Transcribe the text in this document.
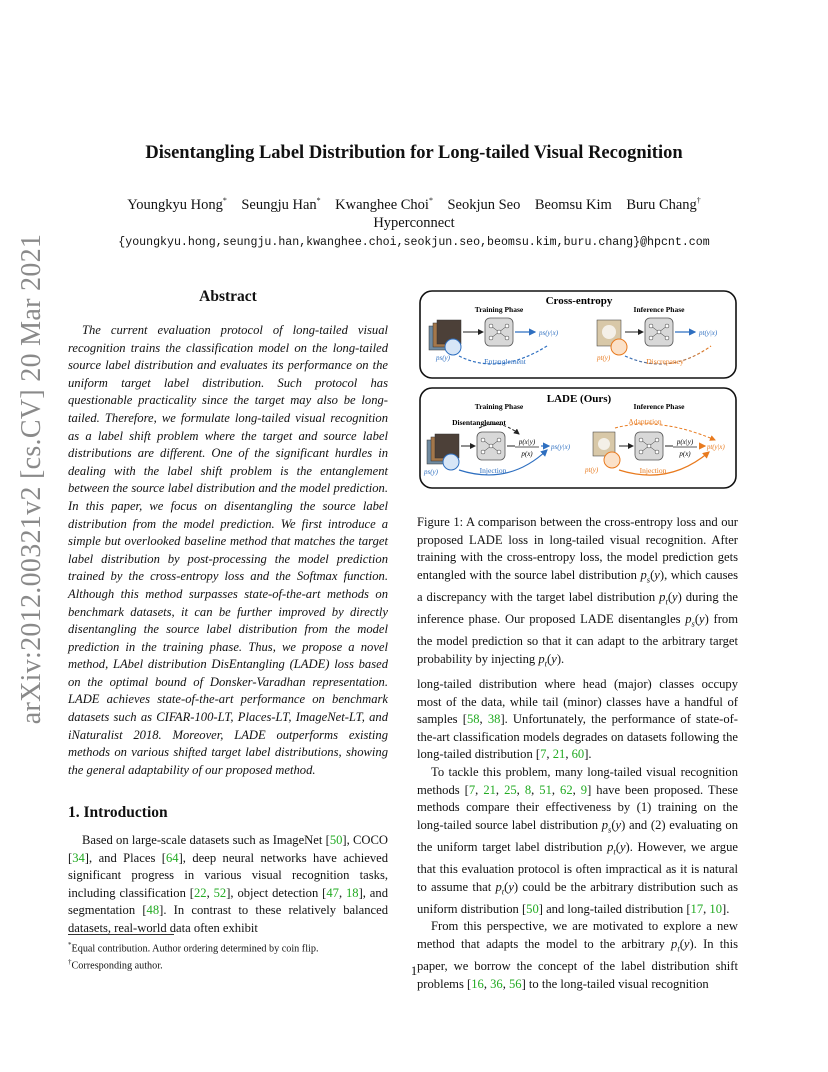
Disentangling Label Distribution for Long-tailed Visual Recognition
Youngkyu Hong*  Seungju Han*  Kwanghee Choi*  Seokjun Seo  Beomsu Kim  Buru Chang†
Hyperconnect
{youngkyu.hong,seungju.han,kwanghee.choi,seokjun.seo,beomsu.kim,buru.chang}@hpcnt.com
arXiv:2012.00321v2 [cs.CV] 20 Mar 2021	Abstract
The current evaluation protocol of long-tailed visual recognition trains the classification model on the long-tailed source label distribution and evaluates its performance on the uniform target label distribution. Such protocol has questionable practicality since the target may also be long-tailed. Therefore, we formulate long-tailed visual recognition as a label shift problem where the target and source label distributions are different. One of the significant hurdles in dealing with the label shift problem is the entanglement between the source label distribution and the model prediction. In this paper, we focus on disentangling the source label distribution from the model prediction. We first introduce a simple but overlooked baseline method that matches the target label distribution by post-processing the model prediction trained by the cross-entropy loss and the Softmax function. Although this method surpasses state-of-the-art methods on benchmark datasets, it can be further improved by directly disentangling the source label distribution from the model prediction in the training phase. Thus, we propose a novel method, LAbel distribution DisEntangling (LADE) loss based on the optimal bound of Donsker-Varadhan representation. LADE achieves state-of-the-art performance on benchmark datasets such as CIFAR-100-LT, Places-LT, ImageNet-LT, and iNaturalist 2018. Moreover, LADE outperforms existing methods on various shifted target label distributions, showing the general adaptability of our proposed method.
1. Introduction

Based on large-scale datasets such as ImageNet [50], COCO [34], and Places [64], deep neural networks have achieved significant progress in various visual recognition tasks, including classification [22, 52], object detection [47, 18], and segmentation [48]. In contrast to these relatively balanced datasets, real-world data often exhibit

*Equal contribution. Author ordering determined by coin flip.
†Corresponding author.
Cross-entropy
Training Phase	Inference Phase
ps(y)
ps(y|x)
Entanglement	pt(y)
pt(y|x)
Discrepancy
LADE (Ours)
Training Phase	Inference Phase
Disentanglement	Adaptation
ps(y)
p(x|y)
p(x)
ps(y|x)
Injection	pt(y)
p(x|y)
p(x)
pt(y|x)
Injection
Figure 1: A comparison between the cross-entropy loss and our proposed LADE loss in long-tailed visual recognition. After training with the cross-entropy loss, the model prediction gets entangled with the source label distribution $p_s(y)$, which causes a discrepancy with the target label distribution $p_t(y)$ during the inference phase. Our proposed LADE disentangles $p_s(y)$ from the model prediction so that it can adapt to the arbitrary target probability by injecting $p_t(y)$.

long-tailed distribution where head (major) classes occupy most of the data, while tail (minor) classes have a handful of samples [58, 38]. Unfortunately, the performance of state-of-the-art classification models degrades on datasets following the long-tailed distribution [7, 21, 60].

To tackle this problem, many long-tailed visual recognition methods [7, 21, 25, 8, 51, 62, 9] have been proposed. These methods compare their effectiveness by (1) training on the long-tailed source label distribution $p_s(y)$ and (2) evaluating on the uniform target label distribution $p_t(y)$. However, we argue that this evaluation protocol is often impractical as it is natural to assume that $p_t(y)$ could be the arbitrary distribution such as uniform distribution [50] and long-tailed distribution [17, 10].

From this perspective, we are motivated to explore a new method that adapts the model to the arbitrary $p_t(y)$. In this paper, we borrow the concept of the label distribution shift problems [16, 36, 56] to the long-tailed visual recognition

1
